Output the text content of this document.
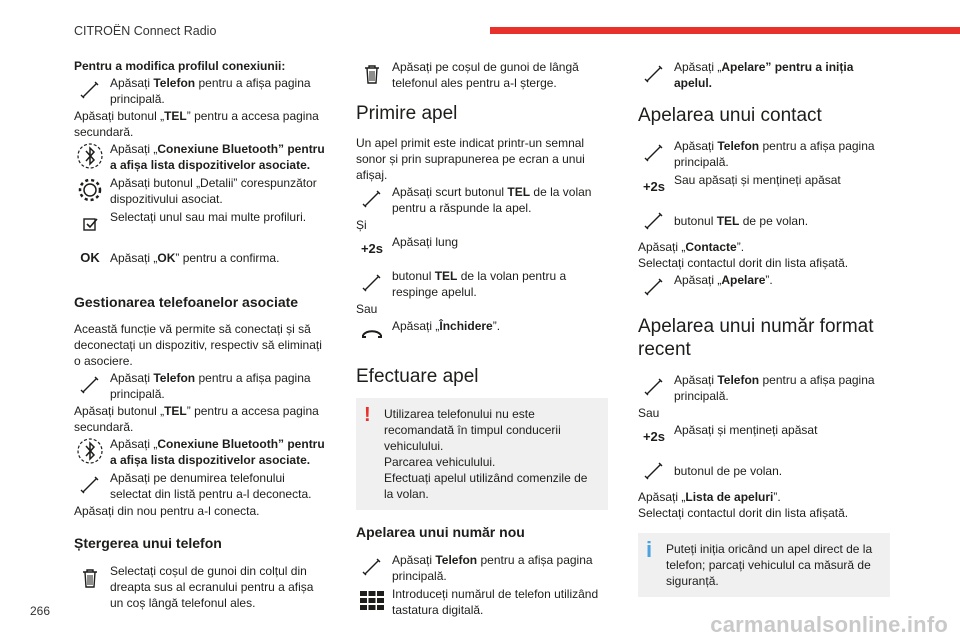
CITROËN Connect Radio

Pentru a modifica profilul conexiunii:

Apăsați Telefon pentru a afișa pagina principală.

Apăsați butonul „TEL” pentru a accesa pagina secundară.

Apăsați „Conexiune Bluetooth” pentru a afișa lista dispozitivelor asociate.
Apăsați butonul „Detalii” corespunzător dispozitivului asociat.
Selectați unul sau mai multe profiluri.
OK Apăsați „OK” pentru a confirma.
Gestionarea telefoanelor asociate

Această funcție vă permite să conectați și să deconectați un dispozitiv, respectiv să eliminați o asociere.

Apăsați Telefon pentru a afișa pagina principală.

Apăsați butonul „TEL” pentru a accesa pagina secundară.

Apăsați „Conexiune Bluetooth” pentru a afișa lista dispozitivelor asociate.
Apăsați pe denumirea telefonului selectat din listă pentru a-l deconecta.

Apăsați din nou pentru a-l conecta.

Ștergerea unui telefon
Selectați coșul de gunoi din colțul din dreapta sus al ecranului pentru a afișa un coș lângă telefonul ales.
Apăsați pe coșul de gunoi de lângă telefonul ales pentru a-l șterge.
Primire apel

Un apel primit este indicat printr-un semnal sonor și prin suprapunerea pe ecran a unui afișaj.

Apăsați scurt butonul TEL de la volan pentru a răspunde la apel.

Și

+2s Apăsați lung
butonul TEL de la volan pentru a respinge apelul.

Sau

Apăsați „Închidere”.
Efectuare apel
!	Utilizarea telefonului nu este recomandată în timpul conducerii vehiculului.
Parcarea vehiculului.
Efectuați apelul utilizând comenzile de la volan.
Apelarea unui număr nou
Apăsați Telefon pentru a afișa pagina principală.
Introduceți numărul de telefon utilizând tastatura digitală.
Apăsați „Apelare” pentru a iniția apelul.
Apelarea unui contact
Apăsați Telefon pentru a afișa pagina principală.
+2s Sau apăsați și mențineți apăsat
butonul TEL de pe volan.

Apăsați „Contacte”.

Selectați contactul dorit din lista afișată.

Apăsați „Apelare”.
Apelarea unui număr format recent
Apăsați Telefon pentru a afișa pagina principală.

Sau

+2s Apăsați și mențineți apăsat
butonul de pe volan.

Apăsați „Lista de apeluri”.

Selectați contactul dorit din lista afișată.

i	Puteți iniția oricând un apel direct de la telefon; parcați vehiculul ca măsură de siguranță.
266
carmanualsonline.info
